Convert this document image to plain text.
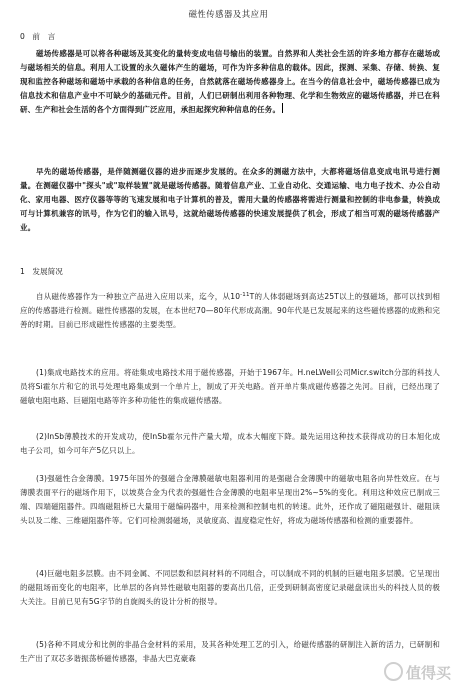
磁性传感器及其应用
0　前　言
磁场传感器是可以将各种磁场及其变化的量转变成电信号输出的装置。自然界和人类社会生活的许多地方都存在磁场或与磁场相关的信息。利用人工设置的永久磁体产生的磁场，可作为许多种信息的载体。因此，探测、采集、存储、转换、复现和监控各种磁场和磁场中承载的各种信息的任务，自然就落在磁场传感器身上。在当今的信息社会中，磁场传感器已成为信息技术和信息产业中不可缺少的基础元件。目前，人们已研制出利用各种物理、化学和生物效应的磁场传感器，并已在科研、生产和社会生活的各个方面得到广泛应用，承担起探究种种信息的任务。
早先的磁场传感器，是伴随测磁仪器的进步而逐步发展的。在众多的测磁方法中，大都将磁场信息变成电讯号进行测量。在测磁仪器中"探头"或"取样装置"就是磁场传感器。随着信息产业、工业自动化、交通运输、电力电子技术、办公自动化、家用电器、医疗仪器等等的飞速发展和电子计算机的普及，需用大量的传感器将需进行测量和控制的非电参量，转换成可与计算机兼容的讯号，作为它们的输入讯号，这就给磁场传感器的快速发展提供了机会，形成了相当可观的磁场传感器产业。
1　发展简况
自从磁传感器作为一种独立产品进入应用以来，迄今，从$10^{-11}T$的人体弱磁场到高达25T以上的强磁场，都可以找到相应的传感器进行检测。磁性传感器的发展，在本世纪70—80年代形成高潮。90年代是已发展起来的这些磁传感器的成熟和完善的时期。目前已形成磁性传感器的主要类型。
(1)集成电路技术的应用。将硅集成电路技术用于磁传感器，开始于1967年。H.neLWell公司Micr.switch分部的科技人员将Si霍尔片和它的讯号处理电路集成到一个单片上，制成了开关电路。首开单片集成磁传感器之先河。目前，已经出现了磁敏电阻电路、巨磁阻电路等许多种功能性的集成磁传感器。
(2)InSb薄膜技术的开发成功，使InSb霍尔元件产量大增，成本大幅度下降。最先运用这种技术获得成功的日本旭化成电子公司，如今可年产5亿只以上。
(3)强磁性合金薄膜。1975年国外的强磁合金薄膜磁敏电阻器利用的是强磁合金薄膜中的磁敏电阻各向异性效应。在与薄膜表面平行的磁场作用下，以坡莫合金为代表的强磁性合金薄膜的电阻率呈现出2%~5%的变化。利用这种效应已制成三端、四端磁阻器件。四端磁阻桥已大量用于磁编码器中，用来检测和控制电机的转速。此外，还作成了磁阻磁强计、磁阻读头以及二维、三维磁阻器件等。它们可检测弱磁场，灵敏度高、温度稳定性好，将成为磁场传感器和检测的重要器件。
(4)巨磁电阻多层膜。由不同金属、不同层数和层间材料的不同组合，可以制成不同的机制的巨磁电阻多层膜。它呈现出的磁阻场而变化的电阻率，比单层的各向异性磁敏电阻器的要高出几倍，正受到研制高密度记录磁盘读出头的科技人员的极大关注。目前已见有5G字节的自旋阀头的设计分析的报导。
(5)各种不同成分和比例的非晶合金材料的采用，及其各种处理工艺的引入，给磁传感器的研制注入新的活力，已研制和生产出了双芯多谐振荡桥磁传感器，非晶大巴克豪森
值得买
